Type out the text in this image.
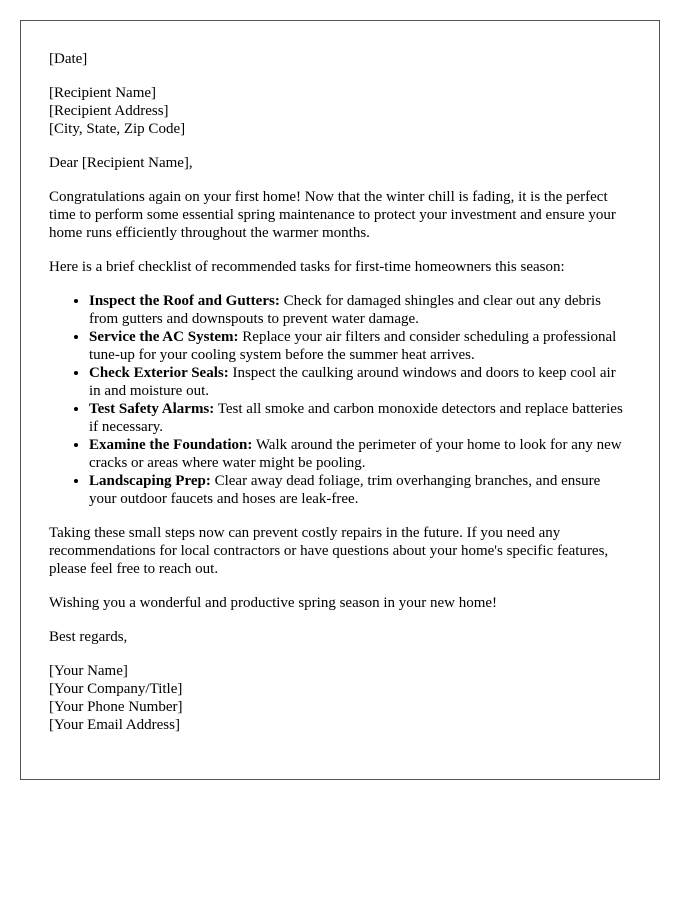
[Date]
[Recipient Name]
[Recipient Address]
[City, State, Zip Code]

Dear [Recipient Name],

Congratulations again on your first home! Now that the winter chill is fading, it is the perfect time to perform some essential spring maintenance to protect your investment and ensure your home runs efficiently throughout the warmer months.

Here is a brief checklist of recommended tasks for first-time homeowners this season:

• Inspect the Roof and Gutters: Check for damaged shingles and clear out any debris from gutters and downspouts to prevent water damage.
• Service the AC System: Replace your air filters and consider scheduling a professional tune-up for your cooling system before the summer heat arrives.
• Check Exterior Seals: Inspect the caulking around windows and doors to keep cool air in and moisture out.
• Test Safety Alarms: Test all smoke and carbon monoxide detectors and replace batteries if necessary.
• Examine the Foundation: Walk around the perimeter of your home to look for any new cracks or areas where water might be pooling.
• Landscaping Prep: Clear away dead foliage, trim overhanging branches, and ensure your outdoor faucets and hoses are leak-free.

Taking these small steps now can prevent costly repairs in the future. If you need any recommendations for local contractors or have questions about your home's specific features, please feel free to reach out.

Wishing you a wonderful and productive spring season in your new home!

Best regards,

[Your Name]
[Your Company/Title]
[Your Phone Number]
[Your Email Address]
